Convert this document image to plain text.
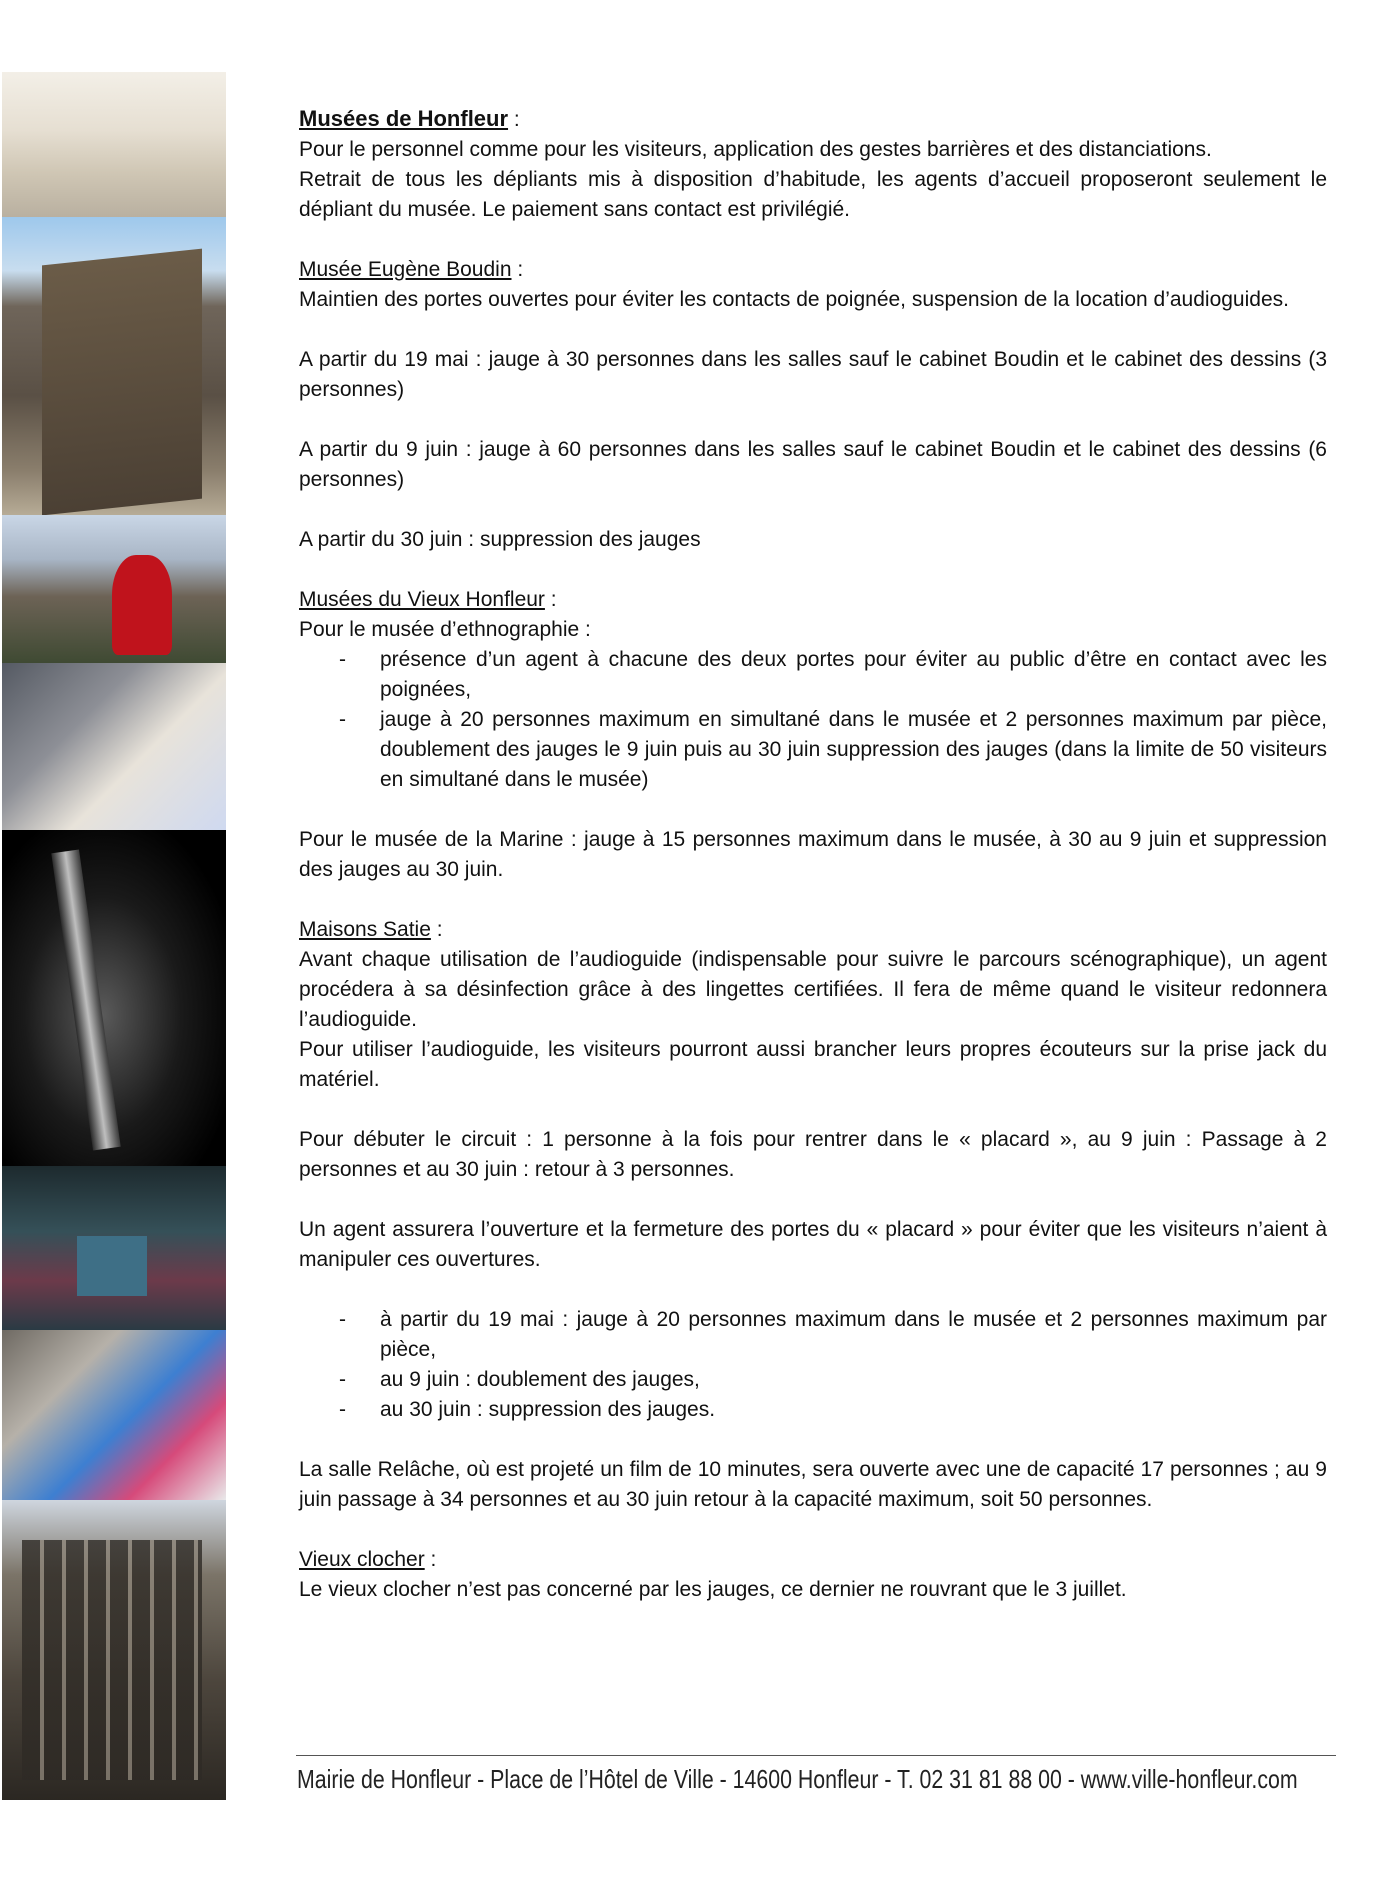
Musées de Honfleur :

Pour le personnel comme pour les visiteurs, application des gestes barrières et des distanciations.

Retrait de tous les dépliants mis à disposition d’habitude, les agents d’accueil proposeront seulement le dépliant du musée. Le paiement sans contact est privilégié.

Musée Eugène Boudin :

Maintien des portes ouvertes pour éviter les contacts de poignée, suspension de la location d’audioguides.

A partir du 19 mai : jauge à 30 personnes dans les salles sauf le cabinet Boudin et le cabinet des dessins (3 personnes)

A partir du 9 juin : jauge à 60 personnes dans les salles sauf le cabinet Boudin et le cabinet des dessins (6 personnes)

A partir du 30 juin : suppression des jauges

Musées du Vieux Honfleur :

Pour le musée d’ethnographie :

- présence d’un agent à chacune des deux portes pour éviter au public d’être en contact avec les poignées,
- jauge à 20 personnes maximum en simultané dans le musée et 2 personnes maximum par pièce, doublement des jauges le 9 juin puis au 30 juin suppression des jauges (dans la limite de 50 visiteurs en simultané dans le musée)

Pour le musée de la Marine : jauge à 15 personnes maximum dans le musée, à 30 au 9 juin et suppression des jauges au 30 juin.

Maisons Satie :

Avant chaque utilisation de l’audioguide (indispensable pour suivre le parcours scénographique), un agent procédera à sa désinfection grâce à des lingettes certifiées. Il fera de même quand le visiteur redonnera l’audioguide.

Pour utiliser l’audioguide, les visiteurs pourront aussi brancher leurs propres écouteurs sur la prise jack du matériel.

Pour débuter le circuit : 1 personne à la fois pour rentrer dans le « placard », au 9 juin : Passage à 2 personnes et au 30 juin : retour à 3 personnes.

Un agent assurera l’ouverture et la fermeture des portes du « placard » pour éviter que les visiteurs n’aient à manipuler ces ouvertures.

- à partir du 19 mai : jauge à 20 personnes maximum dans le musée et 2 personnes maximum par pièce,
- au 9 juin : doublement des jauges,
- au 30 juin : suppression des jauges.

La salle Relâche, où est projeté un film de 10 minutes, sera ouverte avec une de capacité 17 personnes ; au 9 juin passage à 34 personnes et au 30 juin retour à la capacité maximum, soit 50 personnes.

Vieux clocher :

Le vieux clocher n’est pas concerné par les jauges, ce dernier ne rouvrant que le 3 juillet.

Mairie de Honfleur - Place de l’Hôtel de Ville - 14600 Honfleur - T. 02 31 81 88 00 - www.ville-honfleur.com
